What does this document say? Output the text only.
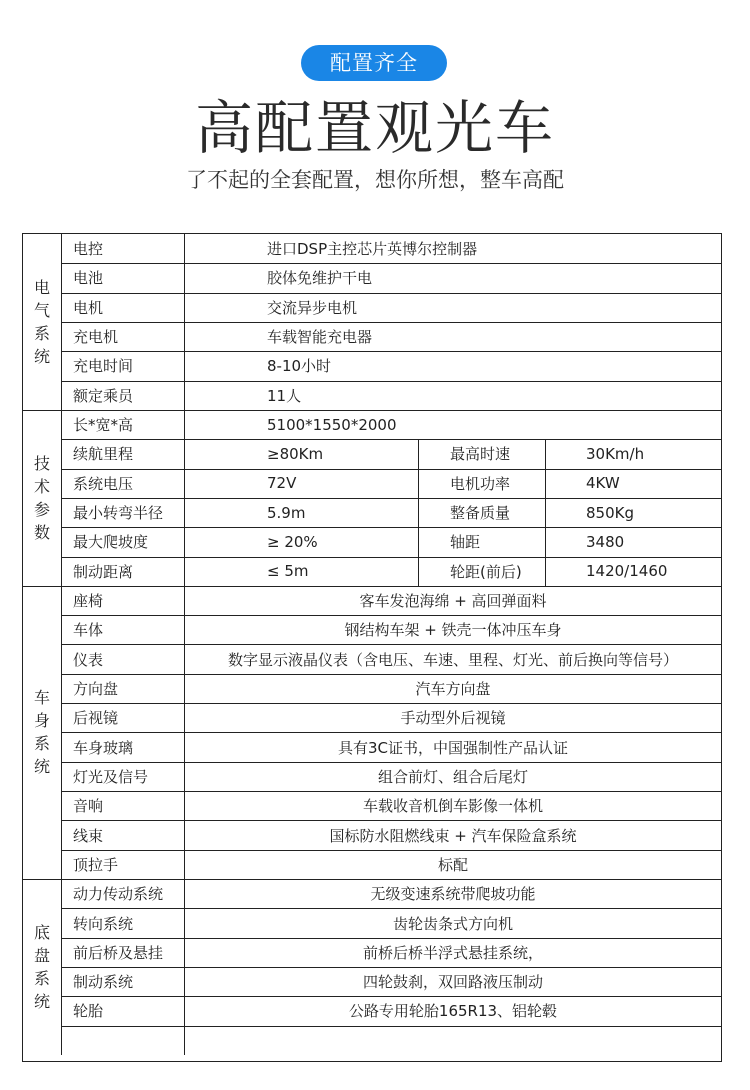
配置齐全
高配置观光车
了不起的全套配置，想你所想，整车高配
电气系统
电控	进口DSP主控芯片英博尔控制器
电池	胶体免维护干电
电机	交流异步电机
充电机	车载智能充电器
充电时间	8-10小时
额定乘员	11人
技术参数
长*宽*高	5100*1550*2000
续航里程	≥80Km	最高时速	30Km/h
系统电压	72V	电机功率	4KW
最小转弯半径	5.9m	整备质量	850Kg
最大爬坡度	≥ 20%	轴距	3480
制动距离	≤ 5m	轮距(前后)	1420/1460
车身系统
座椅	客车发泡海绵 + 高回弹面料
车体	钢结构车架 + 铁壳一体冲压车身
仪表	数字显示液晶仪表（含电压、车速、里程、灯光、前后换向等信号）
方向盘	汽车方向盘
后视镜	手动型外后视镜
车身玻璃	具有3C证书，中国强制性产品认证
灯光及信号	组合前灯、组合后尾灯
音响	车载收音机倒车影像一体机
线束	国标防水阻燃线束 + 汽车保险盒系统
顶拉手	标配
底盘系统
动力传动系统	无级变速系统带爬坡功能
转向系统	齿轮齿条式方向机
前后桥及悬挂	前桥后桥半浮式悬挂系统，
制动系统	四轮鼓刹，双回路液压制动
轮胎	公路专用轮胎165R13、铝轮毂
